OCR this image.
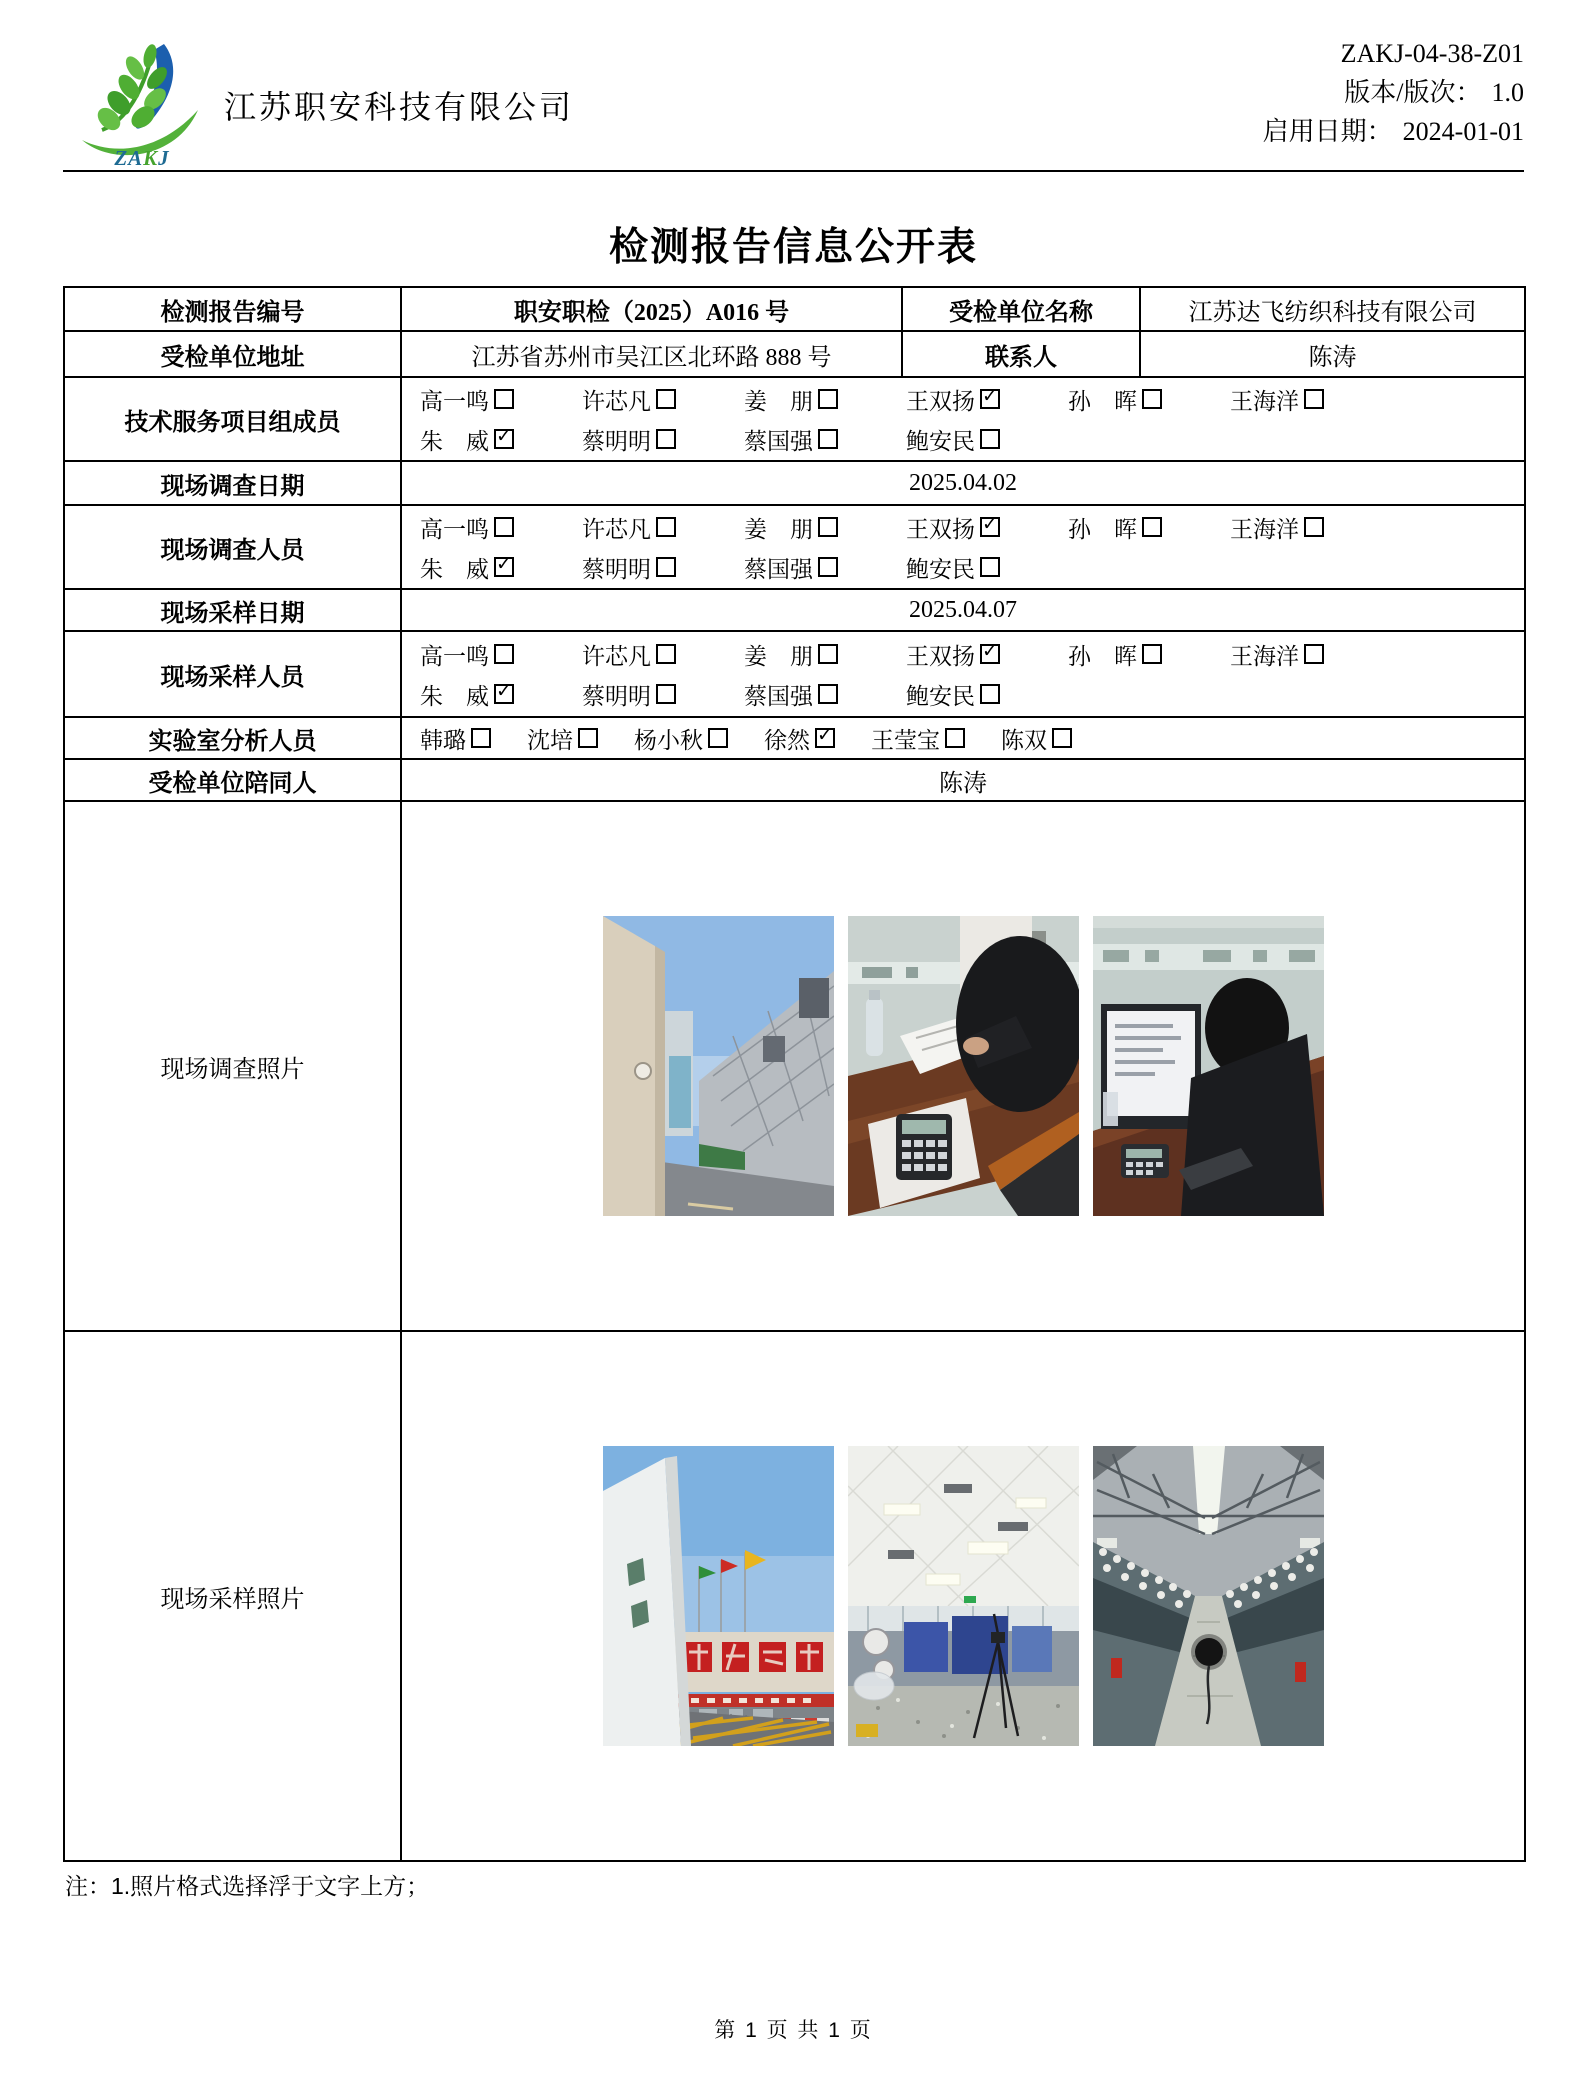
ZAKJ
江苏职安科技有限公司
ZAKJ-04-38-Z01
版本/版次： 1.0
启用日期： 2024-01-01
检测报告信息公开表
检测报告编号	职安职检（2025）A016 号	受检单位名称	江苏达飞纺织科技有限公司
受检单位地址	江苏省苏州市吴江区北环路 888 号	联系人	陈涛
技术服务项目组成员	
高一鸣	许芯凡	姜　朋	王双扬 ✓	孙　晖	王海洋
朱　威 ✓	蔡明明	蔡国强	鲍安民

现场调查日期	2025.04.02		
现场调查人员	
高一鸣	许芯凡	姜　朋	王双扬 ✓	孙　晖	王海洋
朱　威 ✓	蔡明明	蔡国强	鲍安民

现场采样日期	2025.04.07		
现场采样人员	
高一鸣	许芯凡	姜　朋	王双扬 ✓	孙　晖	王海洋
朱　威 ✓	蔡明明	蔡国强	鲍安民

实验室分析人员	韩璐	沈培	杨小秋	徐然 ✓	王莹宝	陈双

受检单位陪同人	陈涛		
现场调查照片	

现场采样照片	
注：1.照片格式选择浮于文字上方；
第 1 页 共 1 页
